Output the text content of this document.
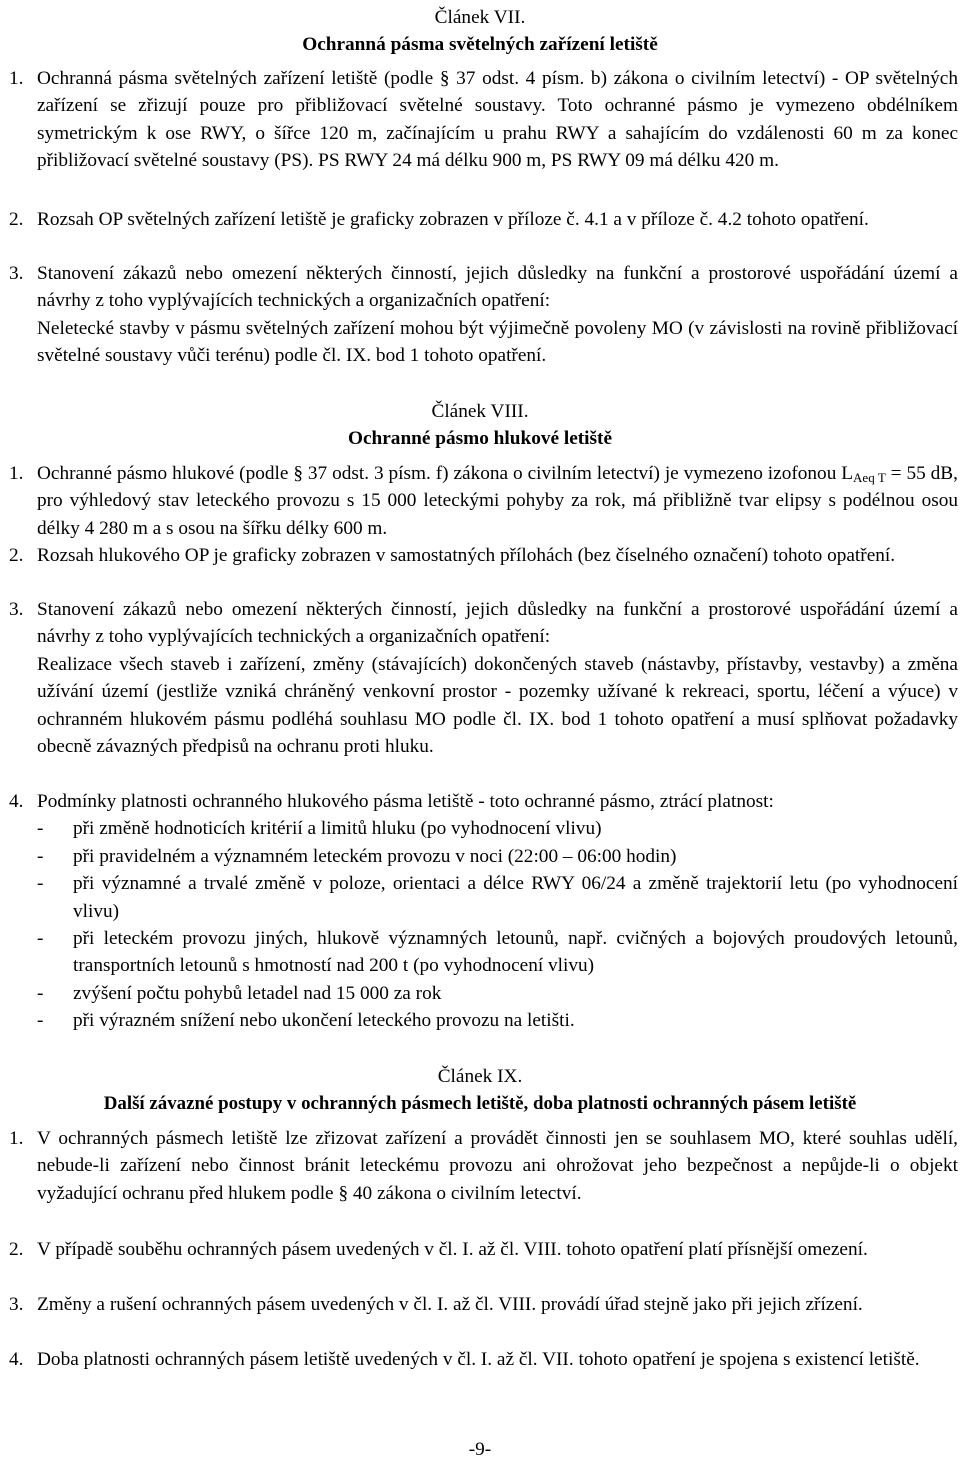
Článek VII.
Ochranná pásma světelných zařízení letiště
1. Ochranná pásma světelných zařízení letiště (podle § 37 odst. 4 písm. b) zákona o civilním letectví) - OP světelných zařízení se zřizují pouze pro přibližovací světelné soustavy. Toto ochranné pásmo je vymezeno obdélníkem symetrickým k ose RWY, o šířce 120 m, začínajícím u prahu RWY a sahajícím do vzdálenosti 60 m za konec přibližovací světelné soustavy (PS). PS RWY 24 má délku 900 m, PS RWY 09 má délku 420 m.
2. Rozsah OP světelných zařízení letiště je graficky zobrazen v příloze č. 4.1 a v příloze č. 4.2 tohoto opatření.
3. Stanovení zákazů nebo omezení některých činností, jejich důsledky na funkční a prostorové uspořádání území a návrhy z toho vyplývajících technických a organizačních opatření:
Neletecké stavby v pásmu světelných zařízení mohou být výjimečně povoleny MO (v závislosti na rovině přibližovací světelné soustavy vůči terénu) podle čl. IX. bod 1 tohoto opatření.
Článek VIII.
Ochranné pásmo hlukové letiště
1. Ochranné pásmo hlukové (podle § 37 odst. 3 písm. f) zákona o civilním letectví) je vymezeno izofonou $L_{Aeq T} = 55$ dB, pro výhledový stav leteckého provozu s 15 000 leteckými pohyby za rok, má přibližně tvar elipsy s podélnou osou délky 4 280 m a s osou na šířku délky 600 m.
2. Rozsah hlukového OP je graficky zobrazen v samostatných přílohách (bez číselného označení) tohoto opatření.
3. Stanovení zákazů nebo omezení některých činností, jejich důsledky na funkční a prostorové uspořádání území a návrhy z toho vyplývajících technických a organizačních opatření:
Realizace všech staveb i zařízení, změny (stávajících) dokončených staveb (nástavby, přístavby, vestavby) a změna užívání území (jestliže vzniká chráněný venkovní prostor - pozemky užívané k rekreaci, sportu, léčení a výuce) v ochranném hlukovém pásmu podléhá souhlasu MO podle čl. IX. bod 1 tohoto opatření a musí splňovat požadavky obecně závazných předpisů na ochranu proti hluku.
4. Podmínky platnosti ochranného hlukového pásma letiště - toto ochranné pásmo, ztrácí platnost:
- při změně hodnoticích kritérií a limitů hluku (po vyhodnocení vlivu)
- při pravidelném a významném leteckém provozu v noci (22:00 – 06:00 hodin)
- při významné a trvalé změně v poloze, orientaci a délce RWY 06/24 a změně trajektorií letu (po vyhodnocení vlivu)
- při leteckém provozu jiných, hlukově významných letounů, např. cvičných a bojových proudových letounů, transportních letounů s hmotností nad 200 t (po vyhodnocení vlivu)
- zvýšení počtu pohybů letadel nad 15 000 za rok
- při výrazném snížení nebo ukončení leteckého provozu na letišti.
Článek IX.
Další závazné postupy v ochranných pásmech letiště, doba platnosti ochranných pásem letiště
1. V ochranných pásmech letiště lze zřizovat zařízení a provádět činnosti jen se souhlasem MO, které souhlas udělí, nebude-li zařízení nebo činnost bránit leteckému provozu ani ohrožovat jeho bezpečnost a nepůjde-li o objekt vyžadující ochranu před hlukem podle § 40 zákona o civilním letectví.
2. V případě souběhu ochranných pásem uvedených v čl. I. až čl. VIII. tohoto opatření platí přísnější omezení.
3. Změny a rušení ochranných pásem uvedených v čl. I. až čl. VIII. provádí úřad stejně jako při jejich zřízení.
4. Doba platnosti ochranných pásem letiště uvedených v čl. I. až čl. VII. tohoto opatření je spojena s existencí letiště.
-9-
